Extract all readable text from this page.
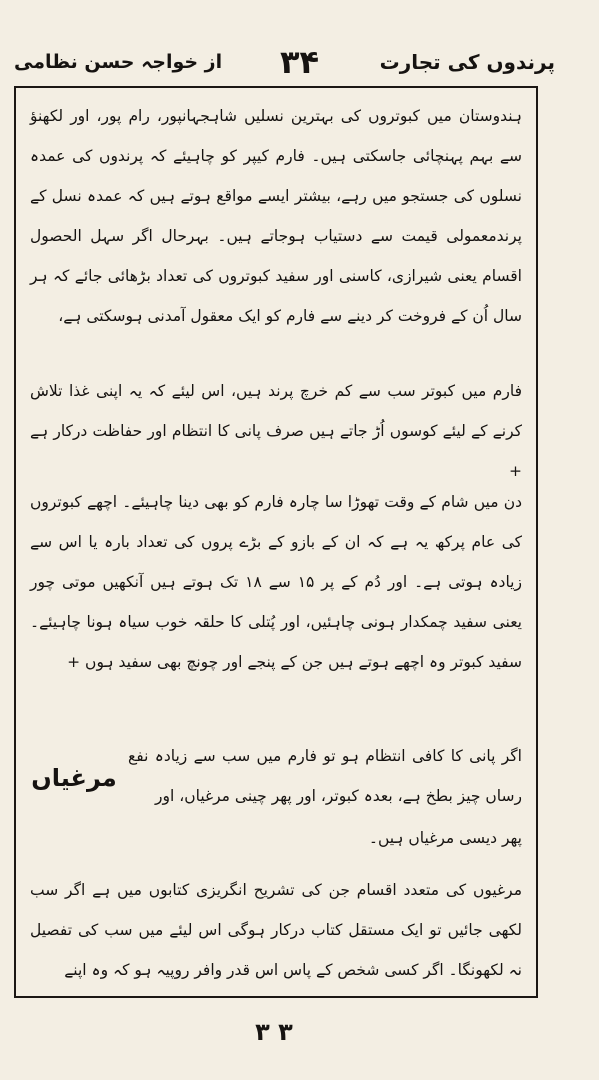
پرندوں کی تجارت
۳۴
از خواجہ حسن نظامی

ہندوستان میں کبوتروں کی بہترین نسلیں شاہجہانپور، رام پور، اور لکھنؤ سے بہم پہنچائی جاسکتی ہیں۔ فارم کیپر کو چاہیئے کہ پرندوں کی عمدہ نسلوں کی جستجو میں رہے، بیشتر ایسے مواقع ہوتے ہیں کہ عمدہ نسل کے پرندمعمولی قیمت سے دستیاب ہوجاتے ہیں۔ بہرحال اگر سہل الحصول اقسام یعنی شیرازی، کاسنی اور سفید کبوتروں کی تعداد بڑھائی جائے کہ ہر سال اُن کے فروخت کر دینے سے فارم کو ایک معقول آمدنی ہوسکتی ہے،

فارم میں کبوتر سب سے کم خرچ پرند ہیں، اس لیئے کہ یہ اپنی غذا تلاش کرنے کے لیئے کوسوں اُڑ جاتے ہیں صرف پانی کا انتظام اور حفاظت درکار ہے +

دن میں شام کے وقت تھوڑا سا چارہ فارم کو بھی دینا چاہیئے۔ اچھے کبوتروں کی عام پرکھ یہ ہے کہ ان کے بازو کے بڑے پروں کی تعداد بارہ یا اس سے زیادہ ہوتی ہے۔ اور دُم کے پر ۱۵ سے ۱۸ تک ہوتے ہیں آنکھیں موتی چور یعنی سفید چمکدار ہونی چاہئیں، اور پُتلی کا حلقہ خوب سیاہ ہونا چاہیئے۔ سفید کبوتر وہ اچھے ہوتے ہیں جن کے پنجے اور چونچ بھی سفید ہوں +

اگر پانی کا کافی انتظام ہو تو فارم میں سب سے زیادہ نفع رساں چیز بطخ ہے، بعدہ کبوتر، اور پھر چینی مرغیاں، اور

مرغیاں

پھر دیسی مرغیاں ہیں۔

مرغیوں کی متعدد اقسام جن کی تشریح انگریزی کتابوں میں ہے اگر سب لکھی جائیں تو ایک مستقل کتاب درکار ہوگی اس لیئے میں سب کی تفصیل نہ لکھونگا۔ اگر کسی شخص کے پاس اس قدر وافر روپیہ ہو کہ وہ اپنے

٣ ٣
